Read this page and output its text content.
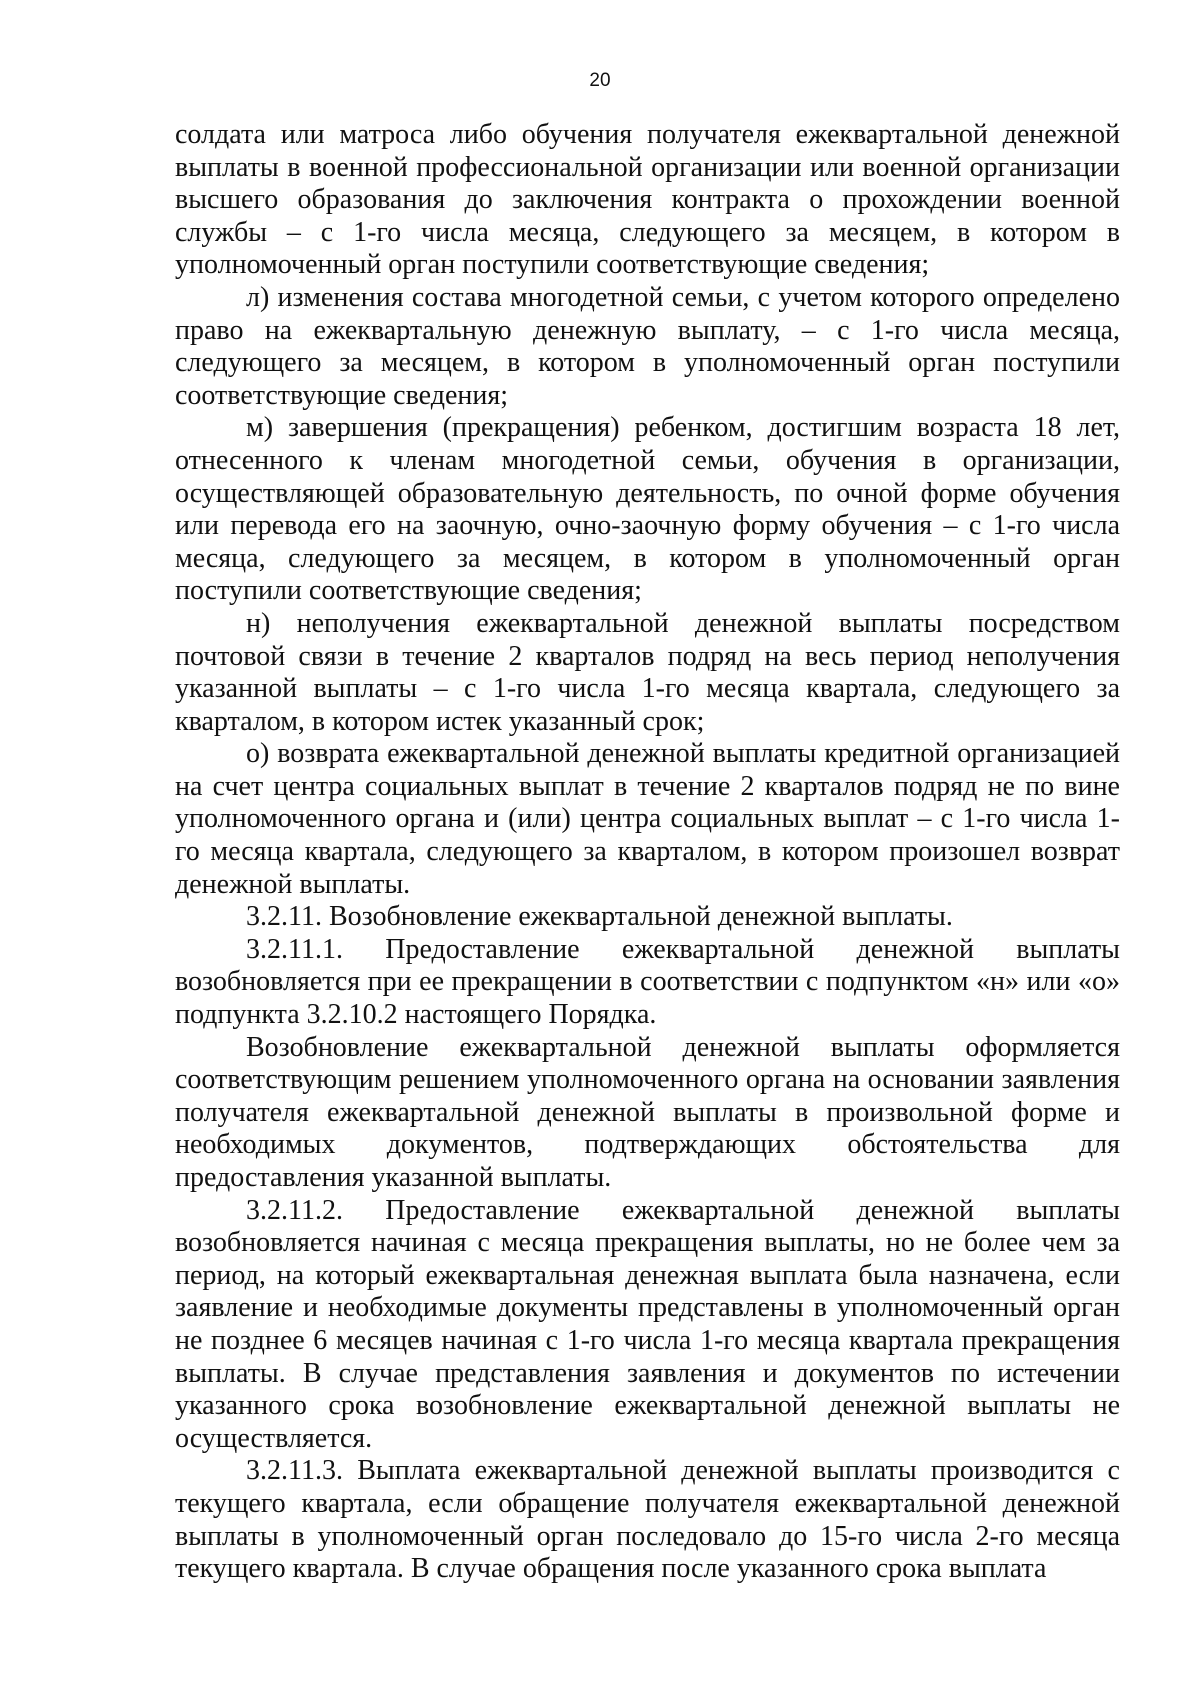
20

солдата или матроса либо обучения получателя ежеквартальной денежной выплаты в военной профессиональной организации или военной организации высшего образования до заключения контракта о прохождении военной службы – с 1-го числа месяца, следующего за месяцем, в котором в уполномоченный орган поступили соответствующие сведения;

л) изменения состава многодетной семьи, с учетом которого определено право на ежеквартальную денежную выплату, – с 1-го числа месяца, следующего за месяцем, в котором в уполномоченный орган поступили соответствующие сведения;

м) завершения (прекращения) ребенком, достигшим возраста 18 лет, отнесенного к членам многодетной семьи, обучения в организации, осуществляющей образовательную деятельность, по очной форме обучения или перевода его на заочную, очно-заочную форму обучения – с 1-го числа месяца, следующего за месяцем, в котором в уполномоченный орган поступили соответствующие сведения;

н) неполучения ежеквартальной денежной выплаты посредством почтовой связи в течение 2 кварталов подряд на весь период неполучения указанной выплаты – с 1-го числа 1-го месяца квартала, следующего за кварталом, в котором истек указанный срок;

о) возврата ежеквартальной денежной выплаты кредитной организацией на счет центра социальных выплат в течение 2 кварталов подряд не по вине уполномоченного органа и (или) центра социальных выплат – с 1-го числа 1-го месяца квартала, следующего за кварталом, в котором произошел возврат денежной выплаты.

3.2.11. Возобновление ежеквартальной денежной выплаты.

3.2.11.1. Предоставление ежеквартальной денежной выплаты возобновляется при ее прекращении в соответствии с подпунктом «н» или «о» подпункта 3.2.10.2 настоящего Порядка.

Возобновление ежеквартальной денежной выплаты оформляется соответствующим решением уполномоченного органа на основании заявления получателя ежеквартальной денежной выплаты в произвольной форме и необходимых документов, подтверждающих обстоятельства для предоставления указанной выплаты.

3.2.11.2. Предоставление ежеквартальной денежной выплаты возобновляется начиная с месяца прекращения выплаты, но не более чем за период, на который ежеквартальная денежная выплата была назначена, если заявление и необходимые документы представлены в уполномоченный орган не позднее 6 месяцев начиная с 1-го числа 1-го месяца квартала прекращения выплаты. В случае представления заявления и документов по истечении указанного срока возобновление ежеквартальной денежной выплаты не осуществляется.

3.2.11.3. Выплата ежеквартальной денежной выплаты производится с текущего квартала, если обращение получателя ежеквартальной денежной выплаты в уполномоченный орган последовало до 15-го числа 2-го месяца текущего квартала. В случае обращения после указанного срока выплата
